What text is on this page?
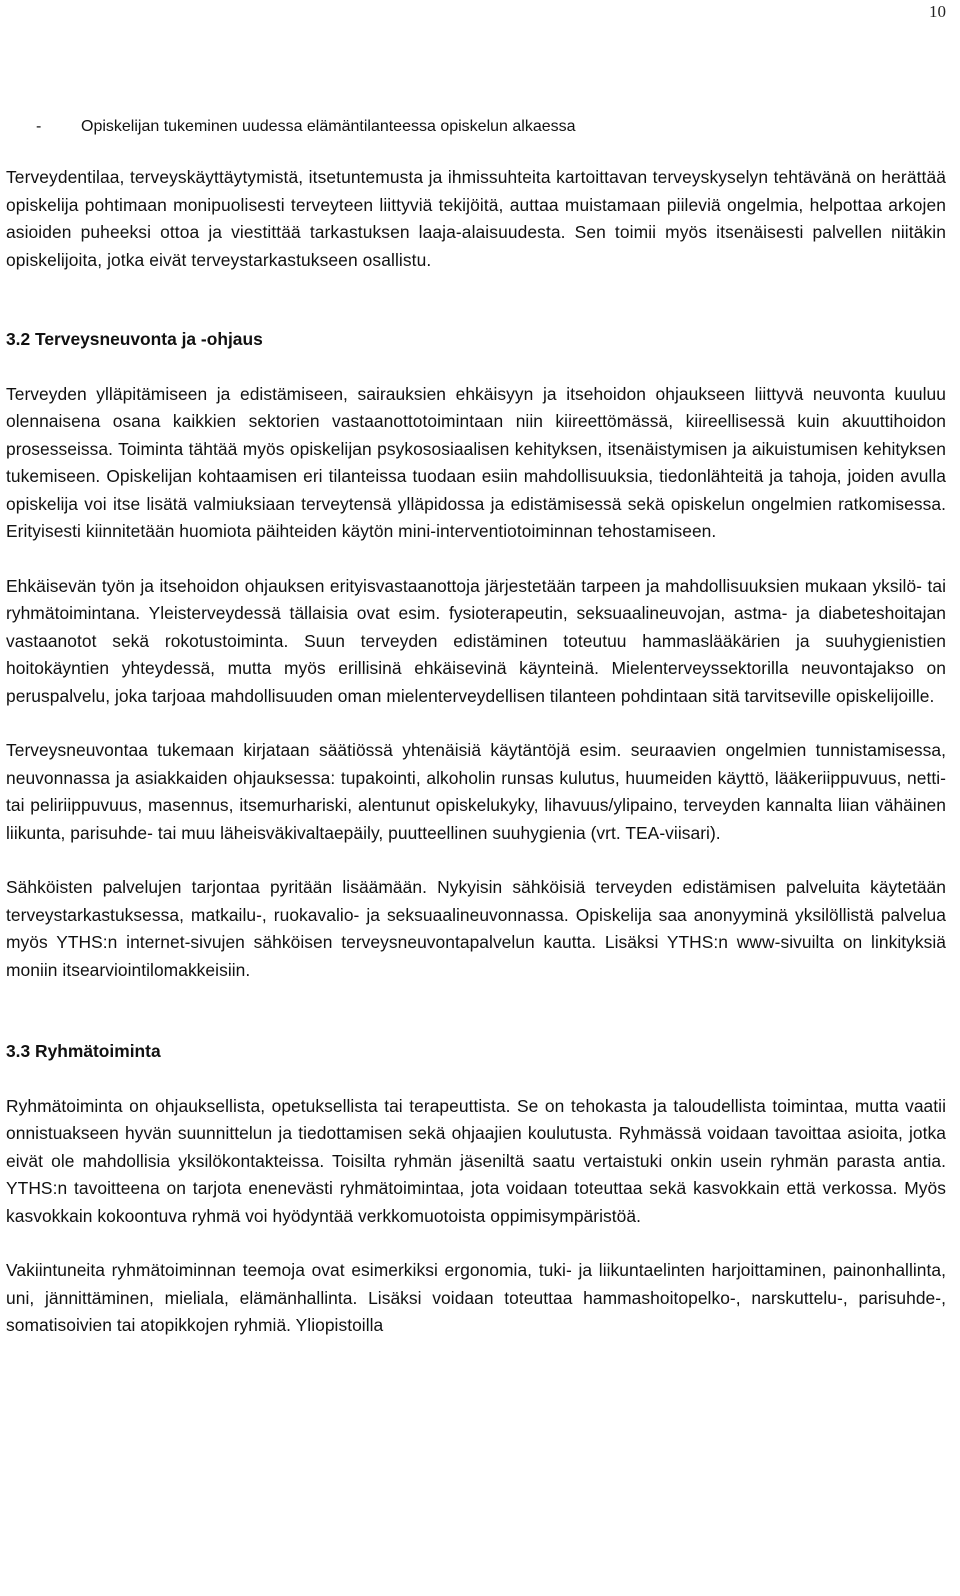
10
-	Opiskelijan tukeminen uudessa elämäntilanteessa opiskelun alkaessa

Terveydentilaa, terveyskäyttäytymistä, itsetuntemusta ja ihmissuhteita kartoittavan terveyskyselyn tehtävänä on herättää opiskelija pohtimaan monipuolisesti terveyteen liittyviä tekijöitä, auttaa muistamaan piileviä ongelmia, helpottaa arkojen asioiden puheeksi ottoa ja viestittää tarkastuksen laaja-alaisuudesta. Sen toimii myös itsenäisesti palvellen niitäkin opiskelijoita, jotka eivät terveystarkastukseen osallistu.

3.2 Terveysneuvonta ja -ohjaus

Terveyden ylläpitämiseen ja edistämiseen, sairauksien ehkäisyyn ja itsehoidon ohjaukseen liittyvä neuvonta kuuluu olennaisena osana kaikkien sektorien vastaanottotoimintaan niin kiireettömässä, kiireellisessä kuin akuuttihoidon prosesseissa. Toiminta tähtää myös opiskelijan psykososiaalisen kehityksen, itsenäistymisen ja aikuistumisen kehityksen tukemiseen. Opiskelijan kohtaamisen eri tilanteissa tuodaan esiin mahdollisuuksia, tiedonlähteitä ja tahoja, joiden avulla opiskelija voi itse lisätä valmiuksiaan terveytensä ylläpidossa ja edistämisessä sekä opiskelun ongelmien ratkomisessa. Erityisesti kiinnitetään huomiota päihteiden käytön mini-interventiotoiminnan tehostamiseen.

Ehkäisevän työn ja itsehoidon ohjauksen erityisvastaanottoja järjestetään tarpeen ja mahdollisuuksien mukaan yksilö- tai ryhmätoimintana. Yleisterveydessä tällaisia ovat esim. fysioterapeutin, seksuaalineuvojan, astma- ja diabeteshoitajan vastaanotot sekä rokotustoiminta. Suun terveyden edistäminen toteutuu hammaslääkärien ja suuhygienistien hoitokäyntien yhteydessä, mutta myös erillisinä ehkäisevinä käynteinä. Mielenterveyssektorilla neuvontajakso on peruspalvelu, joka tarjoaa mahdollisuuden oman mielenterveydellisen tilanteen pohdintaan sitä tarvitseville opiskelijoille.

Terveysneuvontaa tukemaan kirjataan säätiössä yhtenäisiä käytäntöjä esim. seuraavien ongelmien tunnistamisessa, neuvonnassa ja asiakkaiden ohjauksessa: tupakointi, alkoholin runsas kulutus, huumeiden käyttö, lääkeriippuvuus, netti- tai peliriippuvuus, masennus, itsemurhariski, alentunut opiskelukyky, lihavuus/ylipaino, terveyden kannalta liian vähäinen liikunta, parisuhde- tai muu läheisväkivaltaepäily, puutteellinen suuhygienia (vrt. TEA-viisari).

Sähköisten palvelujen tarjontaa pyritään lisäämään. Nykyisin sähköisiä terveyden edistämisen palveluita käytetään terveystarkastuksessa, matkailu-, ruokavalio- ja seksuaalineuvonnassa. Opiskelija saa anonyyminä yksilöllistä palvelua myös YTHS:n internet-sivujen sähköisen terveysneuvontapalvelun kautta. Lisäksi YTHS:n www-sivuilta on linkityksiä moniin itsearviointilomakkeisiin.

3.3 Ryhmätoiminta

Ryhmätoiminta on ohjauksellista, opetuksellista tai terapeuttista. Se on tehokasta ja taloudellista toimintaa, mutta vaatii onnistuakseen hyvän suunnittelun ja tiedottamisen sekä ohjaajien koulutusta. Ryhmässä voidaan tavoittaa asioita, jotka eivät ole mahdollisia yksilökontakteissa. Toisilta ryhmän jäseniltä saatu vertaistuki onkin usein ryhmän parasta antia. YTHS:n tavoitteena on tarjota enenevästi ryhmätoimintaa, jota voidaan toteuttaa sekä kasvokkain että verkossa. Myös kasvokkain kokoontuva ryhmä voi hyödyntää verkkomuotoista oppimisympäristöä.

Vakiintuneita ryhmätoiminnan teemoja ovat esimerkiksi ergonomia, tuki- ja liikuntaelinten harjoittaminen, painonhallinta, uni, jännittäminen, mieliala, elämänhallinta. Lisäksi voidaan toteuttaa hammashoitopelko-, narskuttelu-, parisuhde-, somatisoivien tai atopikkojen ryhmiä. Yliopistoilla
